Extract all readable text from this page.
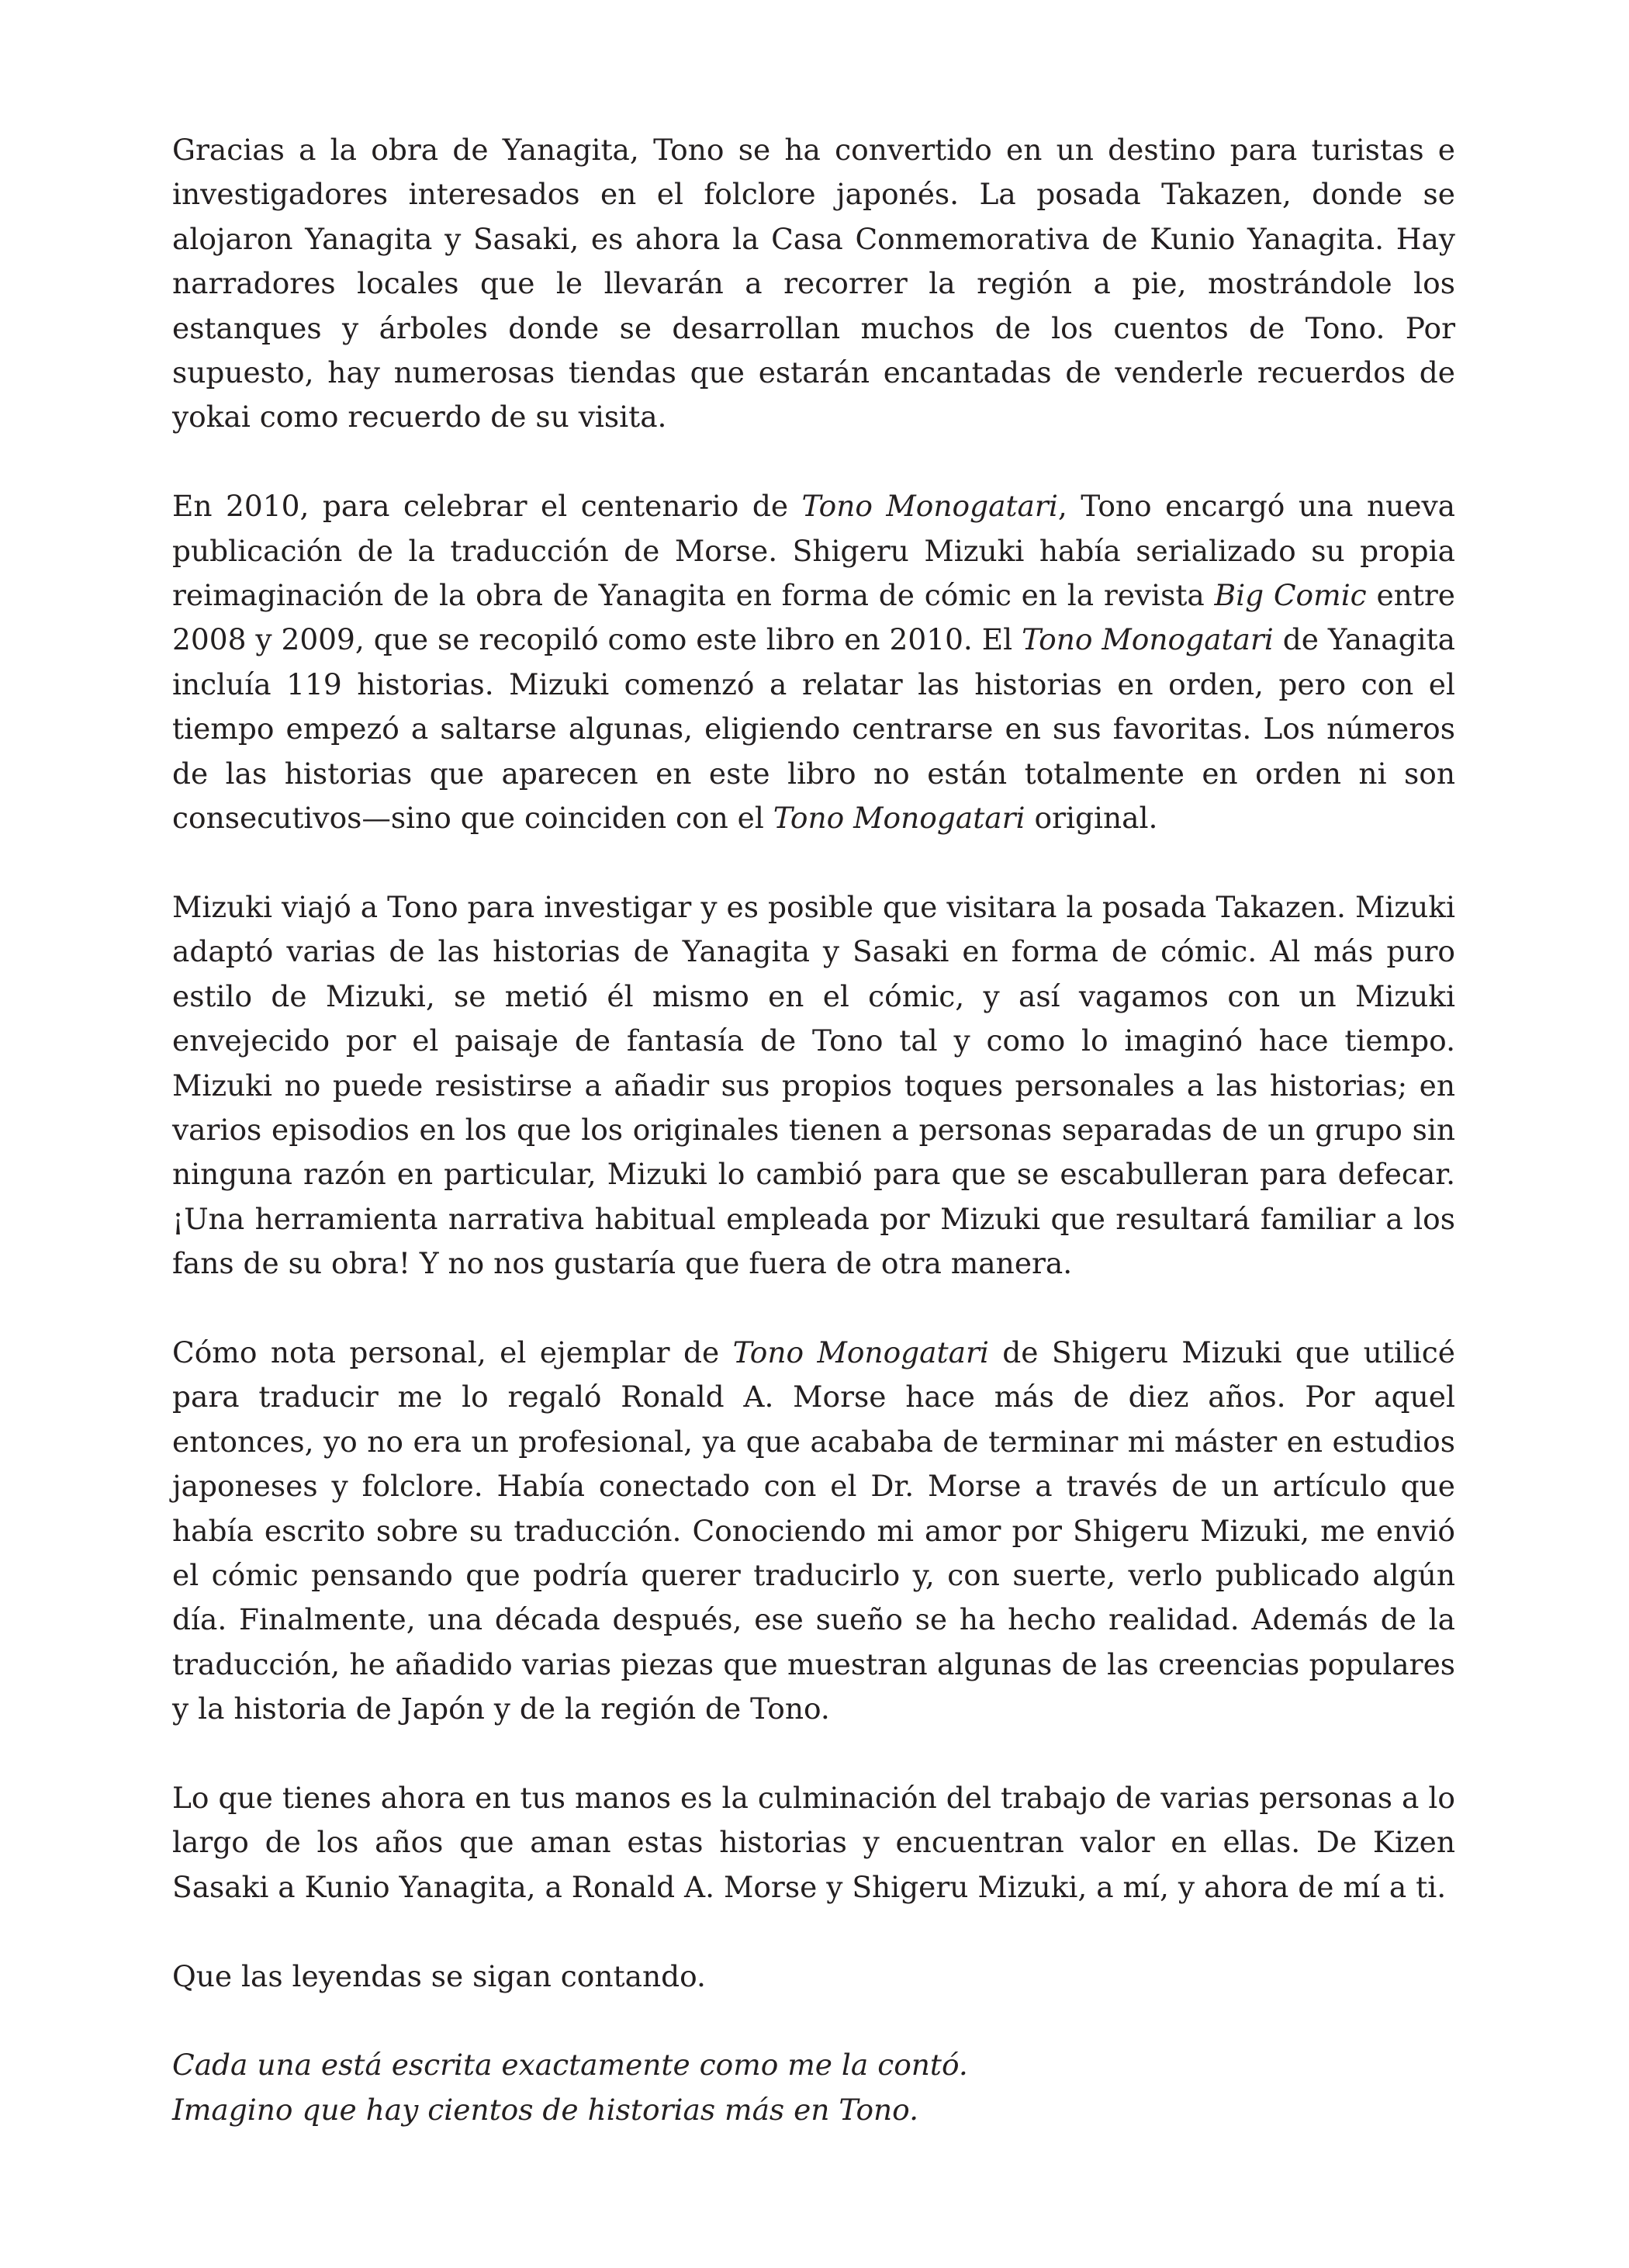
Gracias a la obra de Yanagita, Tono se ha convertido en un destino para turistas e investigadores interesados en el folclore japonés. La posada Takazen, donde se alojaron Yanagita y Sasaki, es ahora la Casa Conmemorativa de Kunio Yanagita. Hay narradores locales que le llevarán a recorrer la región a pie, mostrándole los estanques y árboles donde se desarrollan muchos de los cuentos de Tono. Por supuesto, hay numerosas tiendas que estarán encantadas de venderle recuerdos de yokai como recuerdo de su visita.

En 2010, para celebrar el centenario de Tono Monogatari, Tono encargó una nueva publicación de la traducción de Morse. Shigeru Mizuki había serializado su propia reimaginación de la obra de Yanagita en forma de cómic en la revista Big Comic entre 2008 y 2009, que se recopiló como este libro en 2010. El Tono Monogatari de Yanagita incluía 119 historias. Mizuki comenzó a relatar las historias en orden, pero con el tiempo empezó a saltarse algunas, eligiendo centrarse en sus favoritas. Los números de las historias que aparecen en este libro no están totalmente en orden ni son consecutivos—sino que coinciden con el Tono Monogatari original.

Mizuki viajó a Tono para investigar y es posible que visitara la posada Takazen. Mizuki adaptó varias de las historias de Yanagita y Sasaki en forma de cómic. Al más puro estilo de Mizuki, se metió él mismo en el cómic, y así vagamos con un Mizuki envejecido por el paisaje de fantasía de Tono tal y como lo imaginó hace tiempo. Mizuki no puede resistirse a añadir sus propios toques personales a las historias; en varios episodios en los que los originales tienen a personas separadas de un grupo sin ninguna razón en particular, Mizuki lo cambió para que se escabulleran para defecar. ¡Una herramienta narrativa habitual empleada por Mizuki que resultará familiar a los fans de su obra! Y no nos gustaría que fuera de otra manera.

Cómo nota personal, el ejemplar de Tono Monogatari de Shigeru Mizuki que utilicé para traducir me lo regaló Ronald A. Morse hace más de diez años. Por aquel entonces, yo no era un profesional, ya que acababa de terminar mi máster en estudios japoneses y folclore. Había conectado con el Dr. Morse a través de un artículo que había escrito sobre su traducción. Conociendo mi amor por Shigeru Mizuki, me envió el cómic pensando que podría querer traducirlo y, con suerte, verlo publicado algún día. Finalmente, una década después, ese sueño se ha hecho realidad. Además de la traducción, he añadido varias piezas que muestran algunas de las creencias populares y la historia de Japón y de la región de Tono.

Lo que tienes ahora en tus manos es la culminación del trabajo de varias personas a lo largo de los años que aman estas historias y encuentran valor en ellas. De Kizen Sasaki a Kunio Yanagita, a Ronald A. Morse y Shigeru Mizuki, a mí, y ahora de mí a ti.

Que las leyendas se sigan contando.

Cada una está escrita exactamente como me la contó.
Imagino que hay cientos de historias más en Tono.
